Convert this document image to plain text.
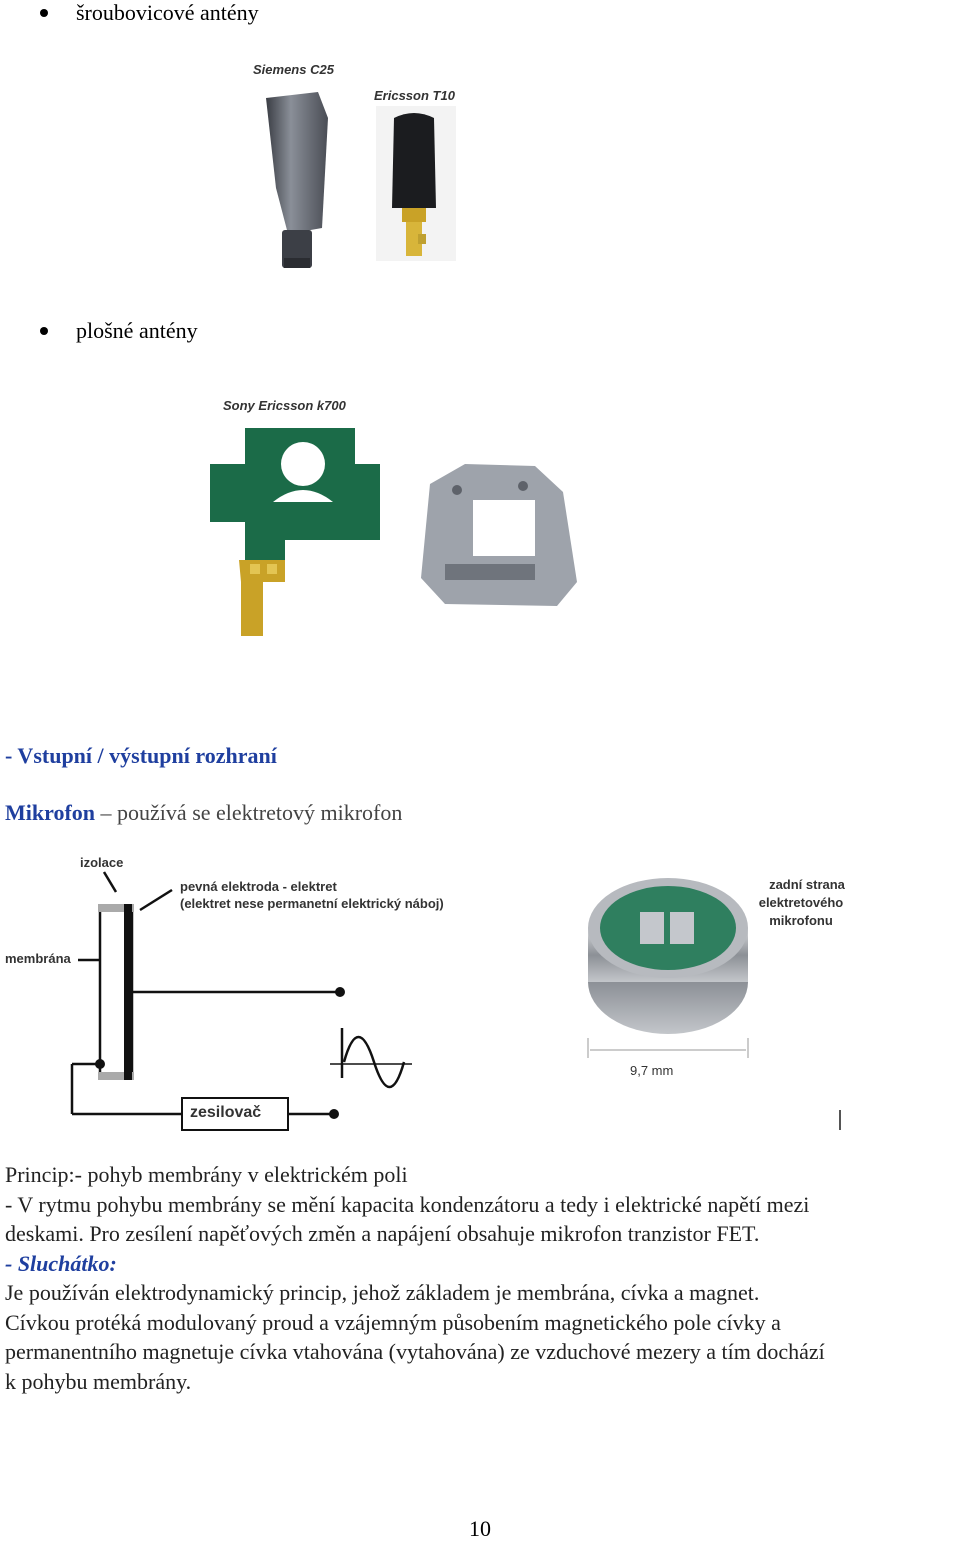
šroubovicové antény
Siemens C25
Ericsson T10
plošné antény
Sony Ericsson k700
- Vstupní / výstupní rozhraní
Mikrofon – používá se elektretový mikrofon
izolace
pevná elektroda - elektret
(elektret nese permanetní elektrický náboj)
membrána
zesilovač
zadní strana
elektretového
mikrofonu
9,7 mm
Princip:- pohyb membrány v elektrickém poli
- V rytmu pohybu membrány se mění kapacita kondenzátoru a tedy i elektrické napětí mezi
deskami. Pro zesílení napěťových změn a napájení obsahuje mikrofon tranzistor FET.
- Sluchátko:
Je používán elektrodynamický princip, jehož základem je membrána, cívka a magnet.
Cívkou protéká modulovaný proud a vzájemným působením magnetického pole cívky a
permanentního magnetuje cívka vtahována (vytahována) ze vzduchové mezery a tím dochází
k pohybu membrány.
10
